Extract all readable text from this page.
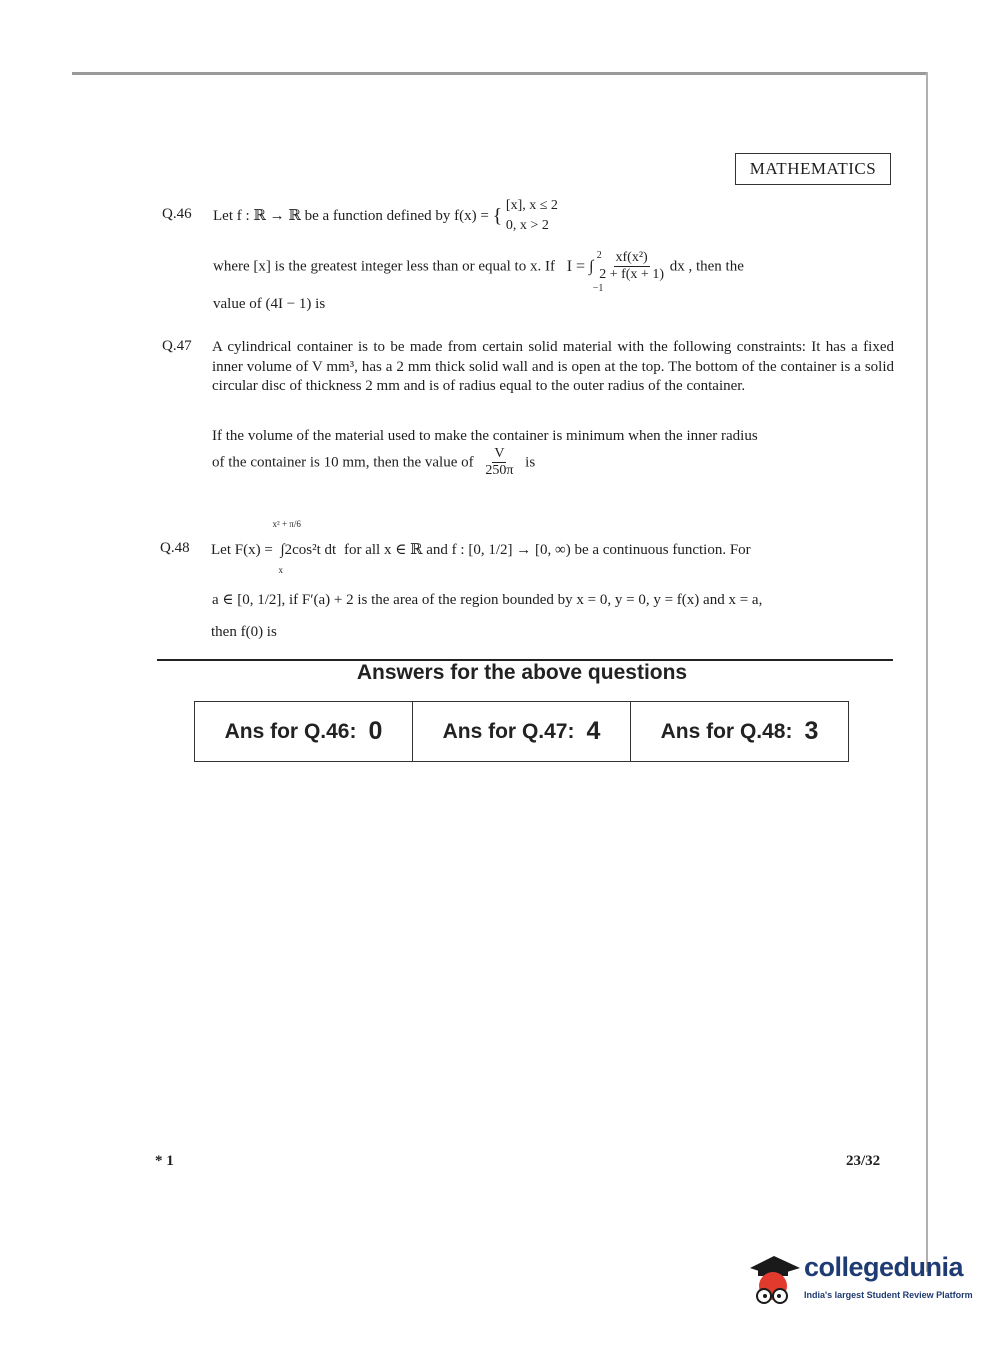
MATHEMATICS
Q.46 Let f : ℝ → ℝ be a function defined by f(x) = { [x], x ≤ 2
0, x > 2
where [x] is the greatest integer less than or equal to x. If
2
I = ∫
−1

$\frac{\text{xf(x²)}}{2 + f(x + 1)}$ dx , then the
value of (4I − 1) is
Q.47 A cylindrical container is to be made from certain solid material with the following constraints: It has a fixed inner volume of V mm³, has a 2 mm thick solid wall and is open at the top. The bottom of the container is a solid circular disc of thickness 2 mm and is of radius equal to the outer radius of the container.
If the volume of the material used to make the container is minimum when the inner radius
of the container is 10 mm, then the value of $\frac{V}{250\pi}$ is
Q.48 Let F(x) =
x² + π/6
∫2cos²t dt
x
for all x ∈ ℝ and f : [0, 1/2] → [0, ∞) be a continuous function. For
a ∈ [0, 1/2], if F′(a) + 2 is the area of the region bounded by x = 0, y = 0, y = f(x) and x = a,
then f(0) is
Answers for the above questions
Ans for Q.46: 0	Ans for Q.47: 4	Ans for Q.48: 3
* 1	23/32
collegedunia
India's largest Student Review Platform
